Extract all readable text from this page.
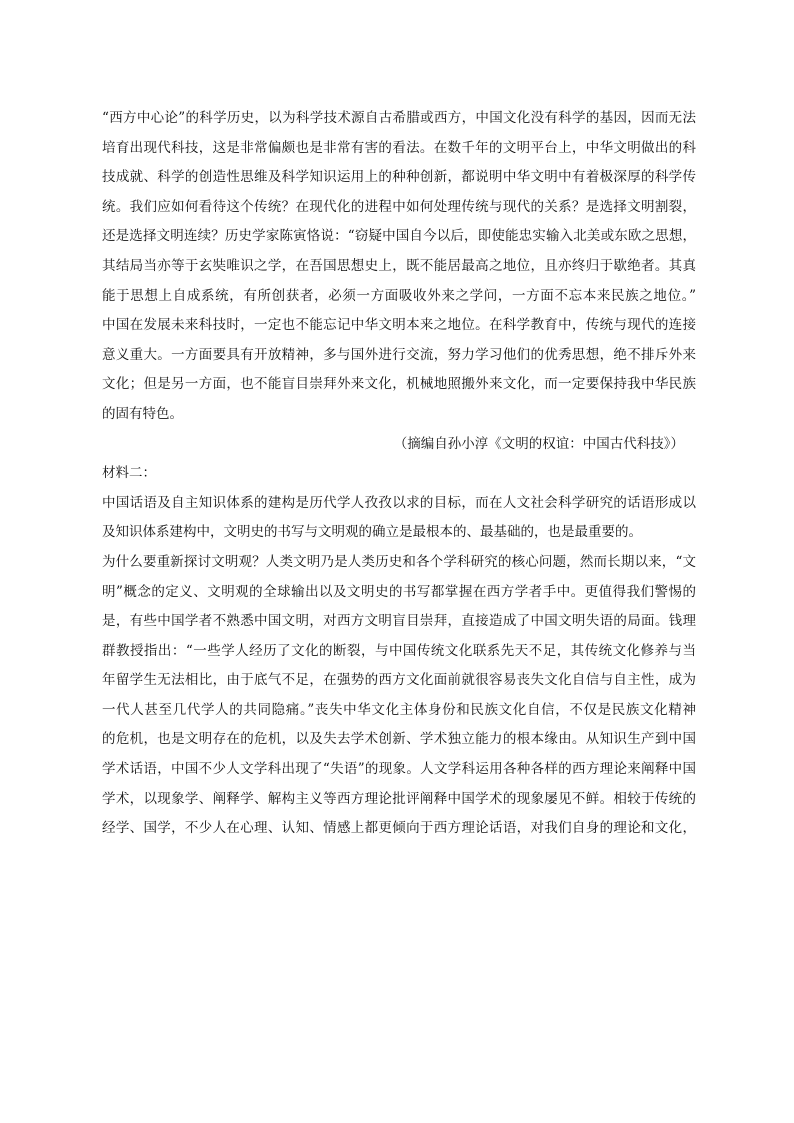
“西方中心论”的科学历史，以为科学技术源自古希腊或西方，中国文化没有科学的基因，因而无法
培育出现代科技，这是非常偏颇也是非常有害的看法。在数千年的文明平台上，中华文明做出的科
技成就、科学的创造性思维及科学知识运用上的种种创新，都说明中华文明中有着极深厚的科学传
统。我们应如何看待这个传统？在现代化的进程中如何处理传统与现代的关系？是选择文明割裂，
还是选择文明连续？历史学家陈寅恪说：“窃疑中国自今以后，即使能忠实输入北美或东欧之思想，
其结局当亦等于玄奘唯识之学，在吾国思想史上，既不能居最高之地位，且亦终归于歇绝者。其真
能于思想上自成系统，有所创获者，必须一方面吸收外来之学问，一方面不忘本来民族之地位。”
中国在发展未来科技时，一定也不能忘记中华文明本来之地位。在科学教育中，传统与现代的连接
意义重大。一方面要具有开放精神，多与国外进行交流，努力学习他们的优秀思想，绝不排斥外来
文化；但是另一方面，也不能盲目崇拜外来文化，机械地照搬外来文化，而一定要保持我中华民族
的固有特色。
（摘编自孙小淳《文明的权谊：中国古代科技》）
材料二：
中国话语及自主知识体系的建构是历代学人孜孜以求的目标，而在人文社会科学研究的话语形成以
及知识体系建构中，文明史的书写与文明观的确立是最根本的、最基础的，也是最重要的。
为什么要重新探讨文明观？人类文明乃是人类历史和各个学科研究的核心问题，然而长期以来，“文
明”概念的定义、文明观的全球输出以及文明史的书写都掌握在西方学者手中。更值得我们警惕的
是，有些中国学者不熟悉中国文明，对西方文明盲目崇拜，直接造成了中国文明失语的局面。钱理
群教授指出：“一些学人经历了文化的断裂，与中国传统文化联系先天不足，其传统文化修养与当
年留学生无法相比，由于底气不足，在强势的西方文化面前就很容易丧失文化自信与自主性，成为
一代人甚至几代学人的共同隐痛。”丧失中华文化主体身份和民族文化自信，不仅是民族文化精神
的危机，也是文明存在的危机，以及失去学术创新、学术独立能力的根本缘由。从知识生产到中国
学术话语，中国不少人文学科出现了“失语”的现象。人文学科运用各种各样的西方理论来阐释中国
学术，以现象学、阐释学、解构主义等西方理论批评阐释中国学术的现象屡见不鲜。相较于传统的
经学、国学，不少人在心理、认知、情感上都更倾向于西方理论话语，对我们自身的理论和文化，
